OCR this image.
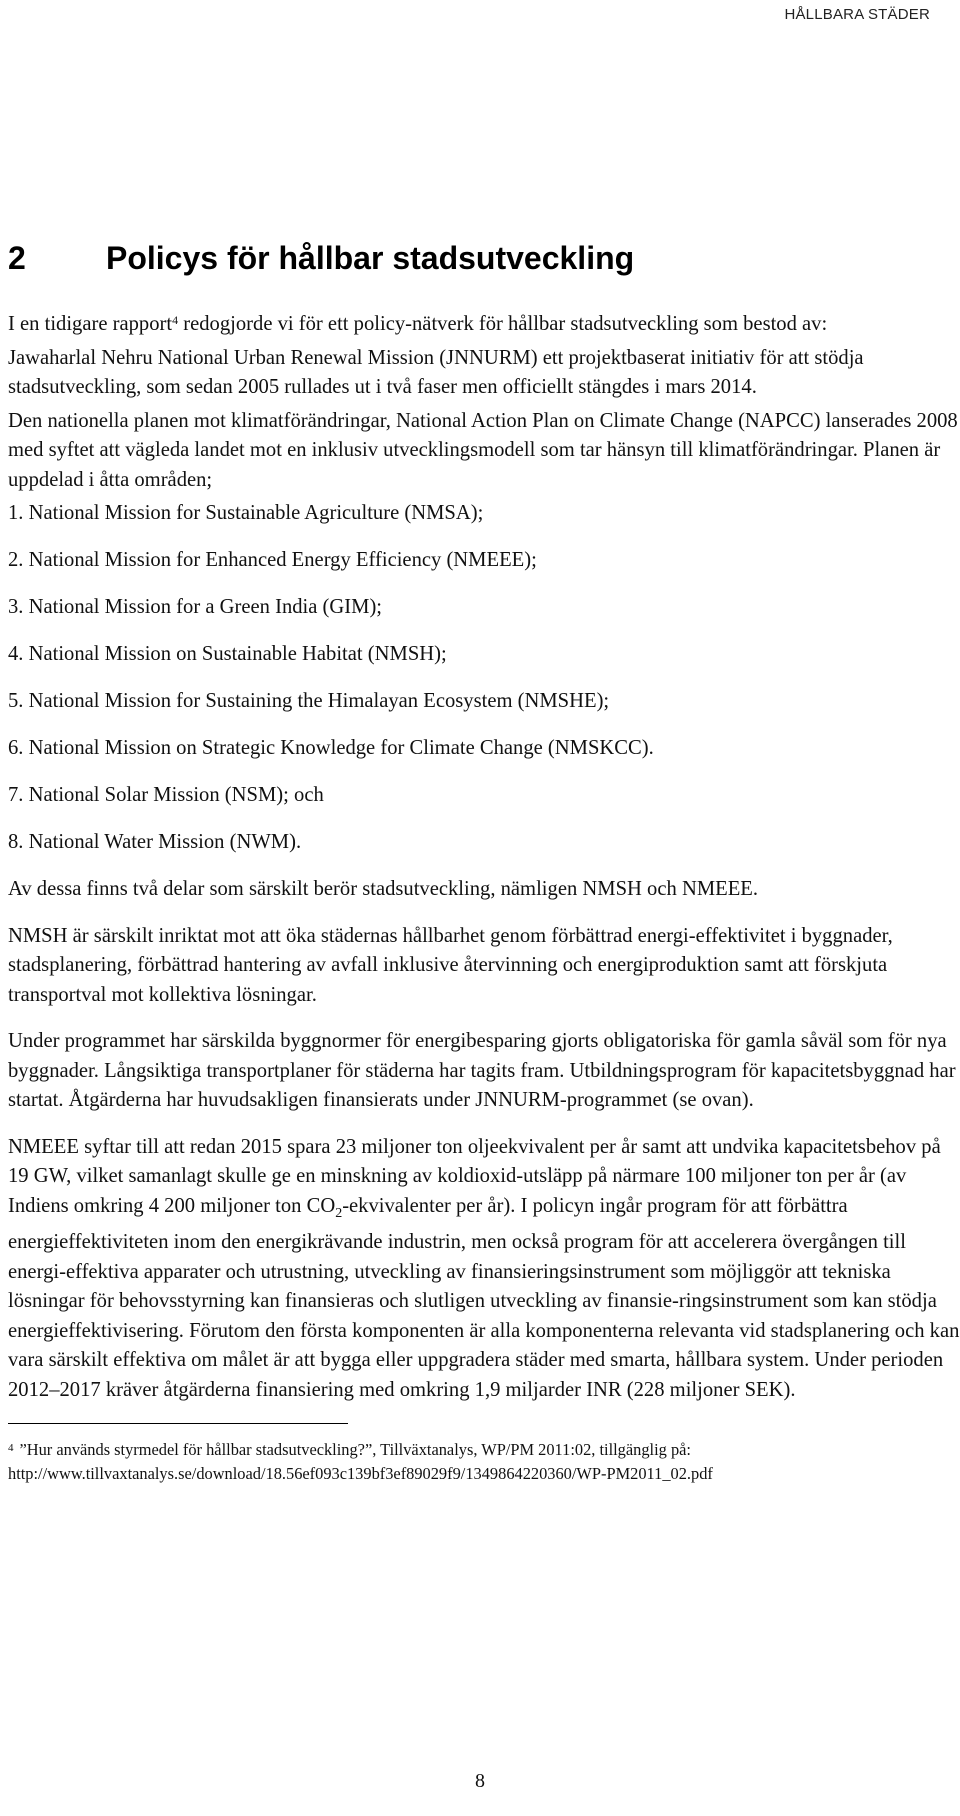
HÅLLBARA STÄDER
2	Policys för hållbar stadsutveckling

I en tidigare rapport$^4$ redogjorde vi för ett policy-nätverk för hållbar stadsutveckling som bestod av:

Jawaharlal Nehru National Urban Renewal Mission (JNNURM) ett projektbaserat initiativ för att stödja stadsutveckling, som sedan 2005 rullades ut i två faser men officiellt stängdes i mars 2014.

Den nationella planen mot klimatförändringar, National Action Plan on Climate Change (NAPCC) lanserades 2008 med syftet att vägleda landet mot en inklusiv utvecklingsmodell som tar hänsyn till klimatförändringar. Planen är uppdelad i åtta områden;

1. National Mission for Sustainable Agriculture (NMSA);

2. National Mission for Enhanced Energy Efficiency (NMEEE);

3. National Mission for a Green India (GIM);

4. National Mission on Sustainable Habitat (NMSH);

5. National Mission for Sustaining the Himalayan Ecosystem (NMSHE);

6. National Mission on Strategic Knowledge for Climate Change (NMSKCC).

7. National Solar Mission (NSM); och

8. National Water Mission (NWM).

Av dessa finns två delar som särskilt berör stadsutveckling, nämligen NMSH och NMEEE.

NMSH är särskilt inriktat mot att öka städernas hållbarhet genom förbättrad energi-effektivitet i byggnader, stadsplanering, förbättrad hantering av avfall inklusive återvinning och energiproduktion samt att förskjuta transportval mot kollektiva lösningar.

Under programmet har särskilda byggnormer för energibesparing gjorts obligatoriska för gamla såväl som för nya byggnader. Långsiktiga transportplaner för städerna har tagits fram. Utbildningsprogram för kapacitetsbyggnad har startat. Åtgärderna har huvudsakligen finansierats under JNNURM-programmet (se ovan).

NMEEE syftar till att redan 2015 spara 23 miljoner ton oljeekvivalent per år samt att undvika kapacitetsbehov på 19 GW, vilket samanlagt skulle ge en minskning av koldioxid-utsläpp på närmare 100 miljoner ton per år (av Indiens omkring 4 200 miljoner ton $CO_2$-ekvivalenter per år). I policyn ingår program för att förbättra energieffektiviteten inom den energikrävande industrin, men också program för att accelerera övergången till energi-effektiva apparater och utrustning, utveckling av finansieringsinstrument som möjliggör att tekniska lösningar för behovsstyrning kan finansieras och slutligen utveckling av finansie-ringsinstrument som kan stödja energieffektivisering. Förutom den första komponenten är alla komponenterna relevanta vid stadsplanering och kan vara särskilt effektiva om målet är att bygga eller uppgradera städer med smarta, hållbara system. Under perioden 2012–2017 kräver åtgärderna finansiering med omkring 1,9 miljarder INR (228 miljoner SEK).

$^4$ ”Hur används styrmedel för hållbar stadsutveckling?”, Tillväxtanalys, WP/PM 2011:02, tillgänglig på: http://www.tillvaxtanalys.se/download/18.56ef093c139bf3ef89029f9/1349864220360/WP-PM2011_02.pdf
8
